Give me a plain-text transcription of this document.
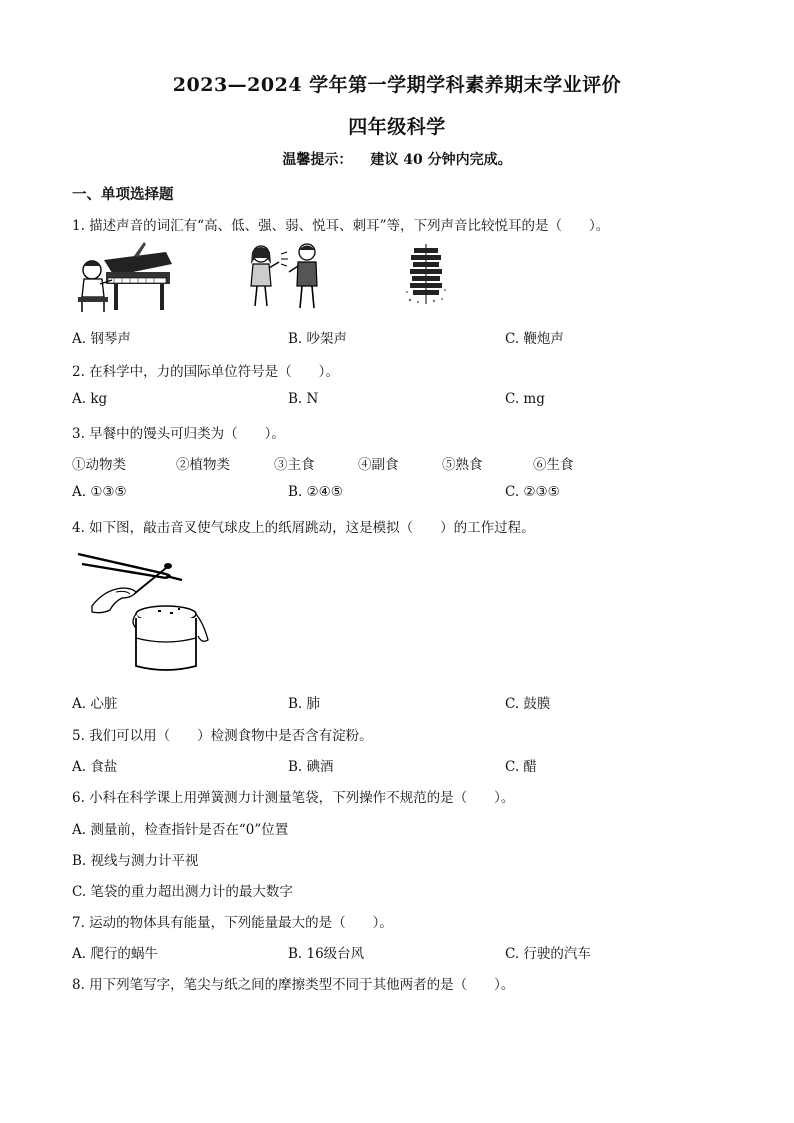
2023—2024 学年第一学期学科素养期末学业评价
四年级科学
温馨提示： 建议 40 分钟内完成。
一、单项选择题
1. 描述声音的词汇有“高、低、强、弱、悦耳、刺耳”等，下列声音比较悦耳的是（　　）。
A. 钢琴声	B. 吵架声	C. 鞭炮声
2. 在科学中，力的国际单位符号是（　　）。
A. kg	B. N	C. mg
3. 早餐中的馒头可归类为（　　）。
①动物类	②植物类	③主食	④副食	⑤熟食	⑥生食
A. ①③⑤	B. ②④⑤	C. ②③⑤
4. 如下图，敲击音叉使气球皮上的纸屑跳动，这是模拟（　　）的工作过程。
A. 心脏	B. 肺	C. 鼓膜
5. 我们可以用（　　）检测食物中是否含有淀粉。
A. 食盐	B. 碘酒	C. 醋
6. 小科在科学课上用弹簧测力计测量笔袋，下列操作不规范的是（　　）。
A. 测量前，检查指针是否在“0”位置
B. 视线与测力计平视
C. 笔袋的重力超出测力计的最大数字
7. 运动的物体具有能量，下列能量最大的是（　　）。
A. 爬行的蜗牛	B. 16级台风	C. 行驶的汽车
8. 用下列笔写字，笔尖与纸之间的摩擦类型不同于其他两者的是（　　）。
